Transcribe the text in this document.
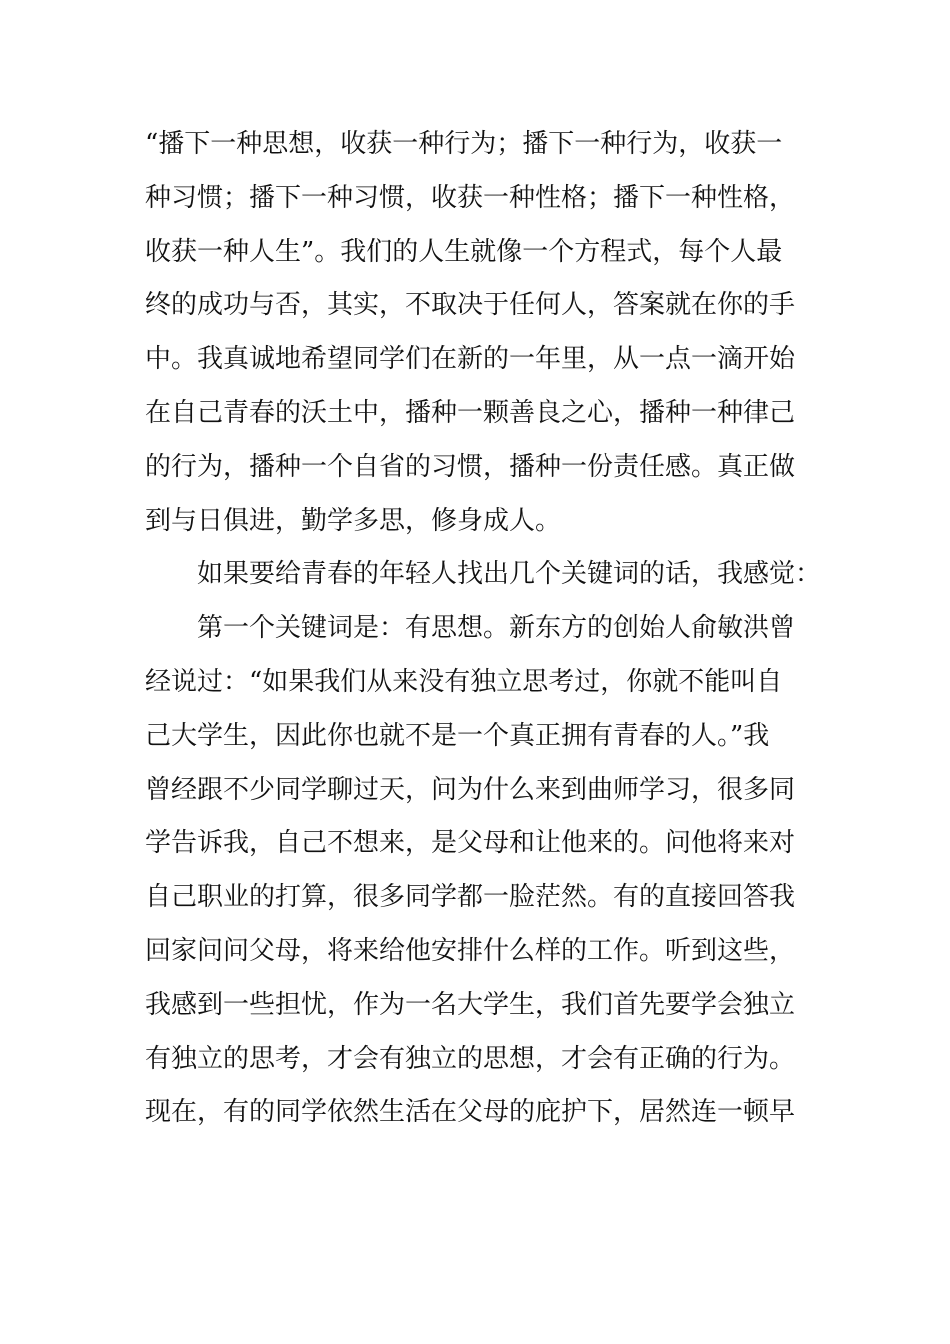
“播下一种思想，收获一种行为；播下一种行为，收获一
种习惯；播下一种习惯，收获一种性格；播下一种性格，
收获一种人生”。我们的人生就像一个方程式，每个人最
终的成功与否，其实，不取决于任何人，答案就在你的手
中。我真诚地希望同学们在新的一年里，从一点一滴开始
在自己青春的沃土中，播种一颗善良之心，播种一种律己
的行为，播种一个自省的习惯，播种一份责任感。真正做
到与日俱进，勤学多思，修身成人。
如果要给青春的年轻人找出几个关键词的话，我感觉：
第一个关键词是：有思想。新东方的创始人俞敏洪曾
经说过：“如果我们从来没有独立思考过，你就不能叫自
己大学生，因此你也就不是一个真正拥有青春的人。”我
曾经跟不少同学聊过天，问为什么来到曲师学习，很多同
学告诉我，自己不想来，是父母和让他来的。问他将来对
自己职业的打算，很多同学都一脸茫然。有的直接回答我
回家问问父母，将来给他安排什么样的工作。听到这些，
我感到一些担忧，作为一名大学生，我们首先要学会独立
有独立的思考，才会有独立的思想，才会有正确的行为。
现在，有的同学依然生活在父母的庇护下，居然连一顿早
